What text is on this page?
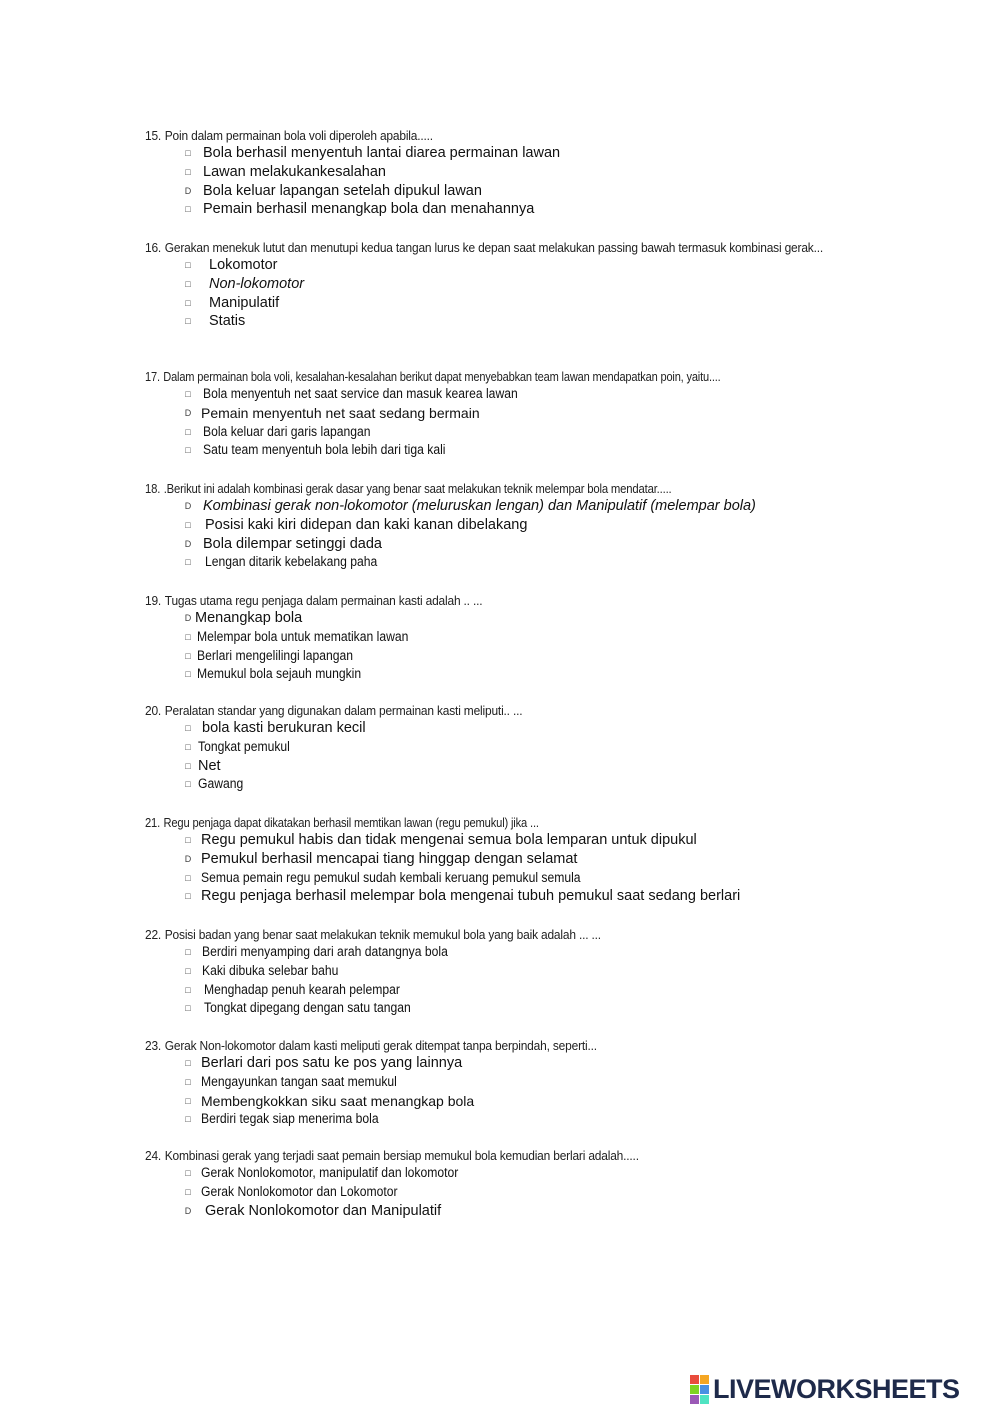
15. Poin dalam permainan bola voli diperoleh apabila.....
□ Bola berhasil menyentuh lantai diarea permainan lawan
□ Lawan melakukankesalahan
D Bola keluar lapangan setelah dipukul lawan
□ Pemain berhasil menangkap bola dan menahannya
16. Gerakan menekuk lutut dan menutupi kedua tangan lurus ke depan saat melakukan passing bawah termasuk kombinasi gerak...
□ Lokomotor
□ Non-lokomotor
□ Manipulatif
□ Statis
17. Dalam permainan bola voli, kesalahan-kesalahan berikut dapat menyebabkan team lawan mendapatkan poin, yaitu....
□ Bola menyentuh net saat service dan masuk kearea lawan
D Pemain menyentuh net saat sedang bermain
□ Bola keluar dari garis lapangan
□ Satu team menyentuh bola lebih dari tiga kali
18. .Berikut ini adalah kombinasi gerak dasar yang benar saat melakukan teknik melempar bola mendatar.....
D Kombinasi gerak non-lokomotor (meluruskan lengan) dan Manipulatif (melempar bola)
□ Posisi kaki kiri didepan dan kaki kanan dibelakang
D Bola dilempar setinggi dada
□ Lengan ditarik kebelakang paha
19. Tugas utama regu penjaga dalam permainan kasti adalah .. ...
D Menangkap bola
□ Melempar bola untuk mematikan lawan
□ Berlari mengelilingi lapangan
□ Memukul bola sejauh mungkin
20. Peralatan standar yang digunakan dalam permainan kasti meliputi.. ...
□ bola kasti berukuran kecil
□ Tongkat pemukul
□ Net
□ Gawang
21. Regu penjaga dapat dikatakan berhasil memtikan lawan (regu pemukul) jika ...
□ Regu pemukul habis dan tidak mengenai semua bola lemparan untuk dipukul
D Pemukul berhasil mencapai tiang hinggap dengan selamat
□ Semua pemain regu pemukul sudah kembali keruang pemukul semula
□ Regu penjaga berhasil melempar bola mengenai tubuh pemukul saat sedang berlari
22. Posisi badan yang benar saat melakukan teknik memukul bola yang baik adalah ... ...
□ Berdiri menyamping dari arah datangnya bola
□ Kaki dibuka selebar bahu
□ Menghadap penuh kearah pelempar
□ Tongkat dipegang dengan satu tangan
23. Gerak Non-lokomotor dalam kasti meliputi gerak ditempat tanpa berpindah, seperti...
□ Berlari dari pos satu ke pos yang lainnya
□ Mengayunkan tangan saat memukul
□ Membengkokkan siku saat menangkap bola
□ Berdiri tegak siap menerima bola
24. Kombinasi gerak yang terjadi saat pemain bersiap memukul bola kemudian berlari adalah.....
□ Gerak Nonlokomotor, manipulatif dan lokomotor
□ Gerak Nonlokomotor dan Lokomotor
D Gerak Nonlokomotor dan Manipulatif
LIVEWORKSHEETS
